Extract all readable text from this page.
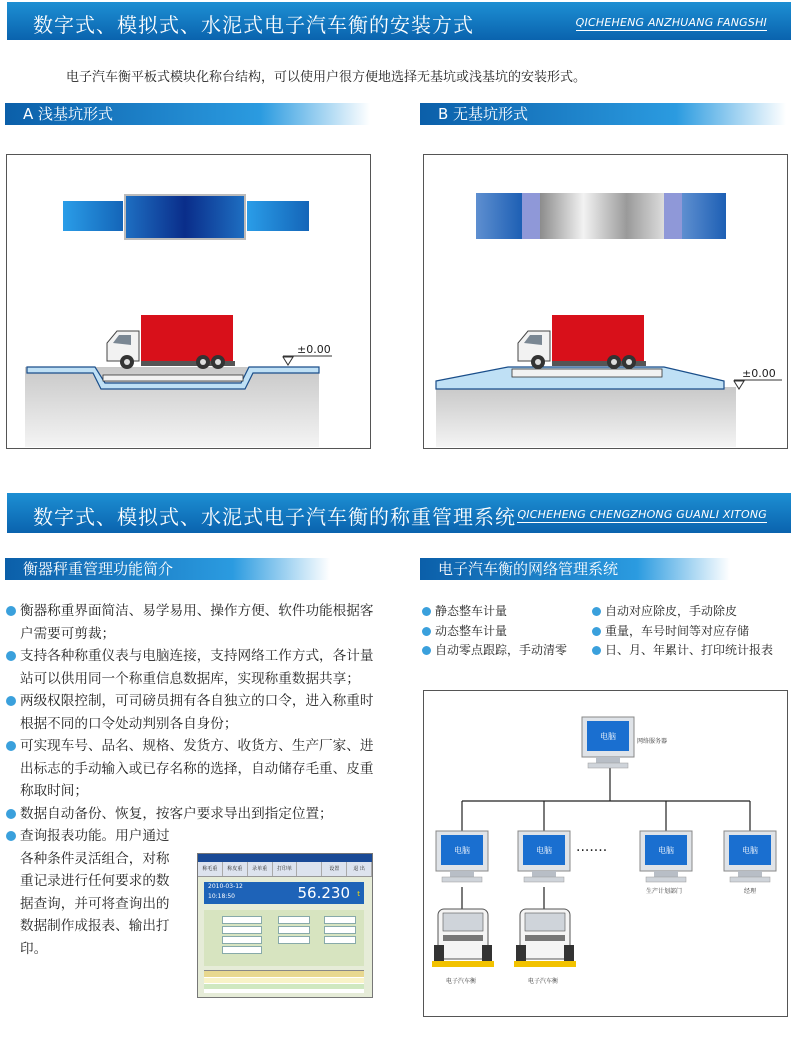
数字式、模拟式、水泥式电子汽车衡的安装方式	QICHEHENG ANZHUANG FANGSHI
电子汽车衡平板式模块化称台结构，可以使用户很方便地选择无基坑或浅基坑的安装形式。
A 浅基坑形式	B 无基坑形式
±0.00
±0.00
数字式、模拟式、水泥式电子汽车衡的称重管理系统 QICHEHENG CHENGZHONG GUANLI XITONG
衡器秤重管理功能简介	电子汽车衡的网络管理系统
衡器称重界面简洁、易学易用、操作方便、软件功能根据客户需要可剪裁；
支持各种称重仪表与电脑连接，支持网络工作方式，各计量站可以供用同一个称重信息数据库，实现称重数据共享；
两级权限控制，可司磅员拥有各自独立的口令，进入称重时根据不同的口令处动判别各自身份；
可实现车号、品名、规格、发货方、收货方、生产厂家、进出标志的手动输入或已存名称的选择，自动储存毛重、皮重称取时间；
数据自动备份、恢复，按客户要求导出到指定位置；
查询报表功能。用户通过各种条件灵活组合，对称重记录进行任何要求的数据查询，并可将查询出的数据制作成报表、输出打印。
称毛重	称皮重	录单重	打印单	设置	退 出
2010-03-12
10:18:50	56.230 t
静态整车计量
动态整车计量
自动零点跟踪，手动清零
自动对应除皮，手动除皮
重量，车号时间等对应存储
日、月、年累计、打印统计报表
电脑
网络服务器
电脑	电脑 ·······	电脑
生产计划部门
电脑
经理
电子汽车衡	电子汽车衡
